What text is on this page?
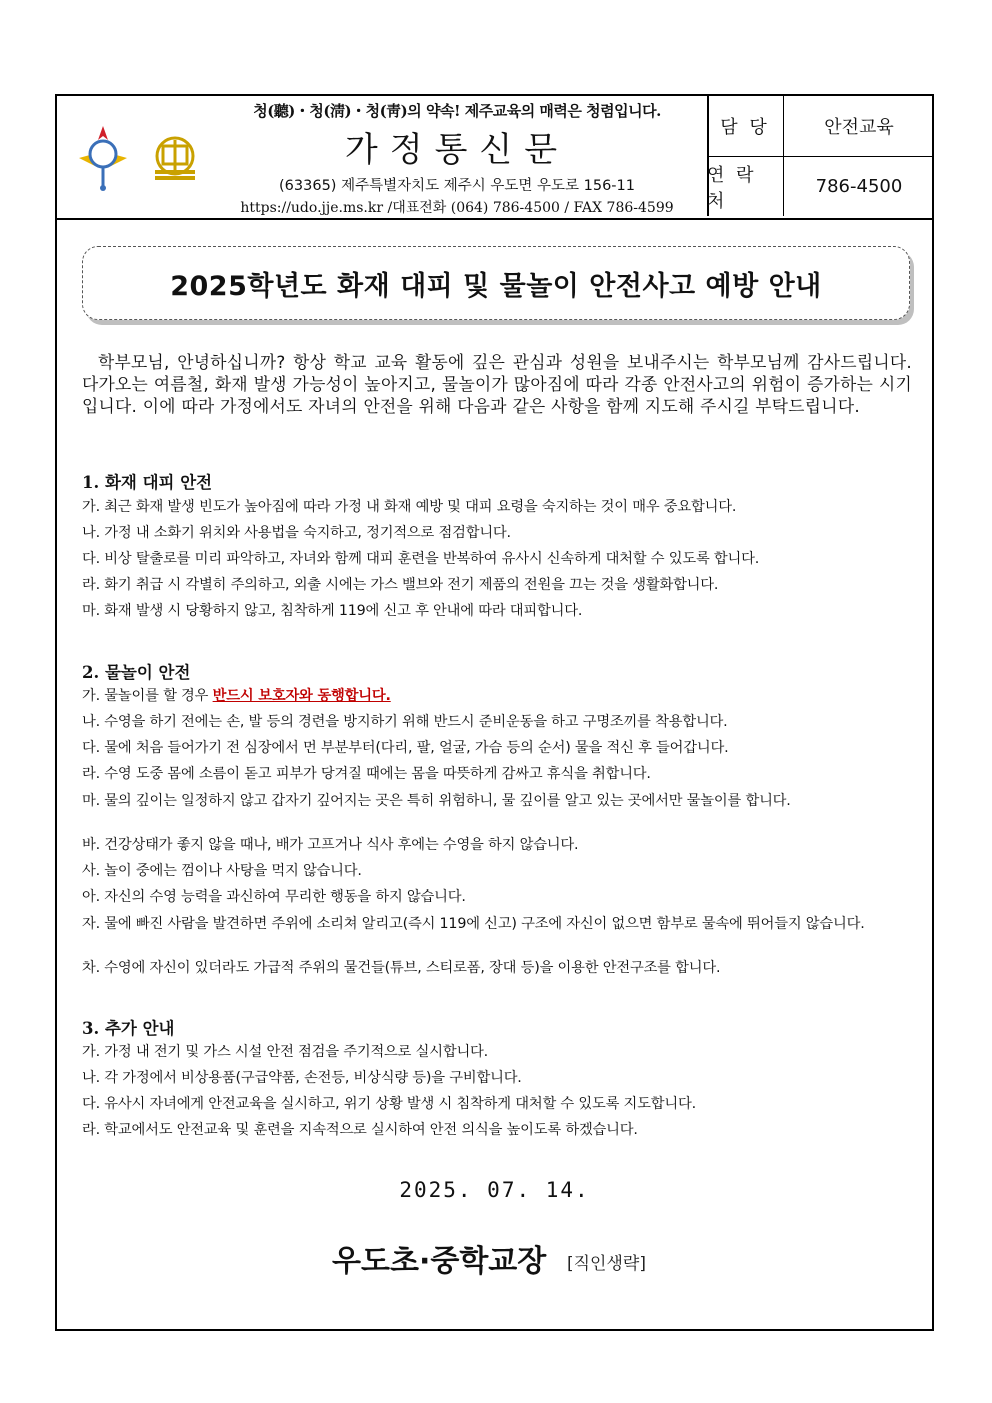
청(聽)・청(淸)・청(靑)의 약속! 제주교육의 매력은 청렴입니다.
가정통신문
(63365) 제주특별자치도 제주시 우도면 우도로 156-11
https://udo.jje.ms.kr /대표전화 (064) 786-4500 / FAX 786-4599
담 당	안전교육
연 락 처
786-4500
2025학년도 화재 대피 및 물놀이 안전사고 예방 안내
학부모님, 안녕하십니까? 항상 학교 교육 활동에 깊은 관심과 성원을 보내주시는 학부모님께 감사드립니다. 다가오는 여름철, 화재 발생 가능성이 높아지고, 물놀이가 많아짐에 따라 각종 안전사고의 위험이 증가하는 시기입니다. 이에 따라 가정에서도 자녀의 안전을 위해 다음과 같은 사항을 함께 지도해 주시길 부탁드립니다.
1. 화재 대피 안전
가. 최근 화재 발생 빈도가 높아짐에 따라 가정 내 화재 예방 및 대피 요령을 숙지하는 것이 매우 중요합니다.
나. 가정 내 소화기 위치와 사용법을 숙지하고, 정기적으로 점검합니다.
다. 비상 탈출로를 미리 파악하고, 자녀와 함께 대피 훈련을 반복하여 유사시 신속하게 대처할 수 있도록 합니다.
라. 화기 취급 시 각별히 주의하고, 외출 시에는 가스 밸브와 전기 제품의 전원을 끄는 것을 생활화합니다.
마. 화재 발생 시 당황하지 않고, 침착하게 119에 신고 후 안내에 따라 대피합니다.
2. 물놀이 안전
가. 물놀이를 할 경우 반드시 보호자와 동행합니다.
나. 수영을 하기 전에는 손, 발 등의 경련을 방지하기 위해 반드시 준비운동을 하고 구명조끼를 착용합니다.
다. 물에 처음 들어가기 전 심장에서 먼 부분부터(다리, 팔, 얼굴, 가슴 등의 순서) 물을 적신 후 들어갑니다.
라. 수영 도중 몸에 소름이 돋고 피부가 당겨질 때에는 몸을 따뜻하게 감싸고 휴식을 취합니다.
마. 물의 깊이는 일정하지 않고 갑자기 깊어지는 곳은 특히 위험하니, 물 깊이를 알고 있는 곳에서만 물놀이를 합니다.
바. 건강상태가 좋지 않을 때나, 배가 고프거나 식사 후에는 수영을 하지 않습니다.
사. 놀이 중에는 껌이나 사탕을 먹지 않습니다.
아. 자신의 수영 능력을 과신하여 무리한 행동을 하지 않습니다.
자. 물에 빠진 사람을 발견하면 주위에 소리쳐 알리고(즉시 119에 신고) 구조에 자신이 없으면 함부로 물속에 뛰어들지 않습니다.
차. 수영에 자신이 있더라도 가급적 주위의 물건들(튜브, 스티로폼, 장대 등)을 이용한 안전구조를 합니다.
3. 추가 안내
가. 가정 내 전기 및 가스 시설 안전 점검을 주기적으로 실시합니다.
나. 각 가정에서 비상용품(구급약품, 손전등, 비상식량 등)을 구비합니다.
다. 유사시 자녀에게 안전교육을 실시하고, 위기 상황 발생 시 침착하게 대처할 수 있도록 지도합니다.
라. 학교에서도 안전교육 및 훈련을 지속적으로 실시하여 안전 의식을 높이도록 하겠습니다.
2025. 07. 14.
우도초·중학교장 [직인생략]
